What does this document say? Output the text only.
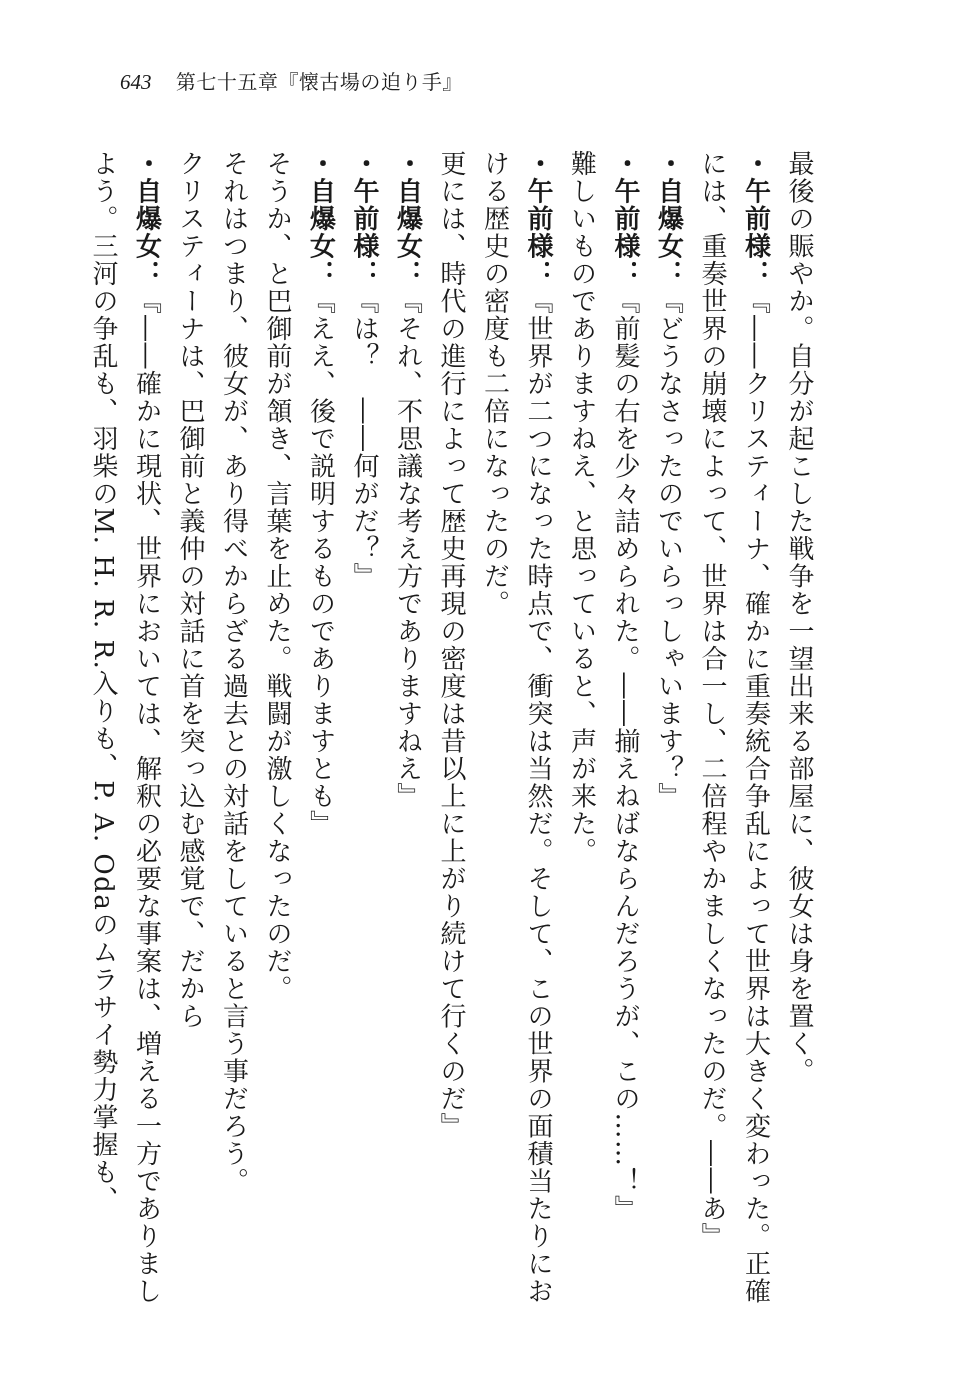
643 第七十五章『懐古場の迫り手』
最後の賑やか。自分が起こした戦争を一望出来る部屋に、彼女は身を置く。
・午前様：『――クリスティーナ、確かに重奏統合争乱によって世界は大きく変わった。正確
には、重奏世界の崩壊によって、世界は合一し、二倍程やかましくなったのだ。――あ』
・自爆女：『どうなさったのでいらっしゃいます？』
・午前様：『前髪の右を少々詰められた。――揃えねばならんだろうが、この……！』
難しいものでありますねえ、と思っていると、声が来た。
・午前様：『世界が二つになった時点で、衝突は当然だ。そして、この世界の面積当たりにお
ける歴史の密度も二倍になったのだ。
更には、時代の進行によって歴史再現の密度は昔以上に上がり続けて行くのだ』
・自爆女：『それ、不思議な考え方でありますねえ』
・午前様：『は？　――何がだ？』
・自爆女：『ええ、後で説明するものでありますとも』
そうか、と巴御前が頷き、言葉を止めた。戦闘が激しくなったのだ。
それはつまり、彼女が、あり得べからざる過去との対話をしていると言う事だろう。
クリスティーナは、巴御前と義仲の対話に首を突っ込む感覚で、だから
・自爆女：『――確かに現状、世界においては、解釈の必要な事案は、増える一方でありまし
よう。三河の争乱も、羽柴のM. H. R. R.入りも、P. A. Odaのムラサイ勢力掌握も、
